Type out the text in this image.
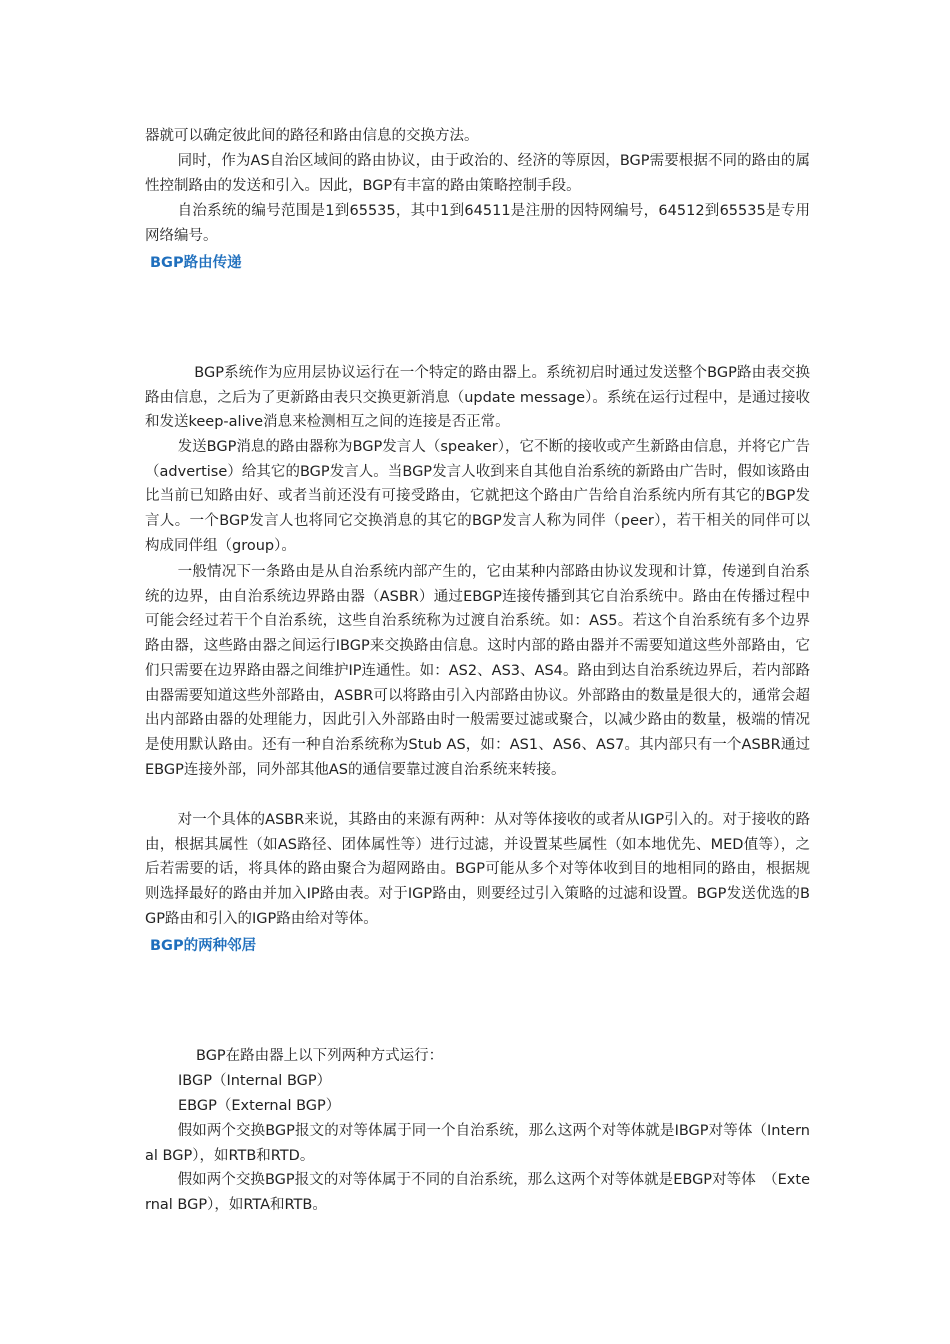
器就可以确定彼此间的路径和路由信息的交换方法。

同时，作为AS自治区域间的路由协议，由于政治的、经济的等原因，BGP需要根据不同的路由的属性控制路由的发送和引入。因此，BGP有丰富的路由策略控制手段。

自治系统的编号范围是1到65535，其中1到64511是注册的因特网编号，64512到65535是专用网络编号。

BGP路由传递

BGP系统作为应用层协议运行在一个特定的路由器上。系统初启时通过发送整个BGP路由表交换路由信息，之后为了更新路由表只交换更新消息（update message）。系统在运行过程中，是通过接收和发送keep-alive消息来检测相互之间的连接是否正常。

发送BGP消息的路由器称为BGP发言人（speaker），它不断的接收或产生新路由信息，并将它广告（advertise）给其它的BGP发言人。当BGP发言人收到来自其他自治系统的新路由广告时，假如该路由比当前已知路由好、或者当前还没有可接受路由，它就把这个路由广告给自治系统内所有其它的BGP发言人。一个BGP发言人也将同它交换消息的其它的BGP发言人称为同伴（peer），若干相关的同伴可以构成同伴组（group）。

一般情况下一条路由是从自治系统内部产生的，它由某种内部路由协议发现和计算，传递到自治系统的边界，由自治系统边界路由器（ASBR）通过EBGP连接传播到其它自治系统中。路由在传播过程中可能会经过若干个自治系统，这些自治系统称为过渡自治系统。如：AS5。若这个自治系统有多个边界路由器，这些路由器之间运行IBGP来交换路由信息。这时内部的路由器并不需要知道这些外部路由，它们只需要在边界路由器之间维护IP连通性。如：AS2、AS3、AS4。路由到达自治系统边界后，若内部路由器需要知道这些外部路由，ASBR可以将路由引入内部路由协议。外部路由的数量是很大的，通常会超出内部路由器的处理能力，因此引入外部路由时一般需要过滤或聚合，以减少路由的数量，极端的情况是使用默认路由。还有一种自治系统称为Stub AS，如：AS1、AS6、AS7。其内部只有一个ASBR通过EBGP连接外部，同外部其他AS的通信要靠过渡自治系统来转接。

对一个具体的ASBR来说，其路由的来源有两种：从对等体接收的或者从IGP引入的。对于接收的路由，根据其属性（如AS路径、团体属性等）进行过滤，并设置某些属性（如本地优先、MED值等），之后若需要的话，将具体的路由聚合为超网路由。BGP可能从多个对等体收到目的地相同的路由，根据规则选择最好的路由并加入IP路由表。对于IGP路由，则要经过引入策略的过滤和设置。BGP发送优选的BGP路由和引入的IGP路由给对等体。

BGP的两种邻居

BGP在路由器上以下列两种方式运行：

IBGP（Internal BGP）

EBGP（External BGP）

假如两个交换BGP报文的对等体属于同一个自治系统，那么这两个对等体就是IBGP对等体（Internal BGP），如RTB和RTD。

假如两个交换BGP报文的对等体属于不同的自治系统，那么这两个对等体就是EBGP对等体　（External BGP），如RTA和RTB。
